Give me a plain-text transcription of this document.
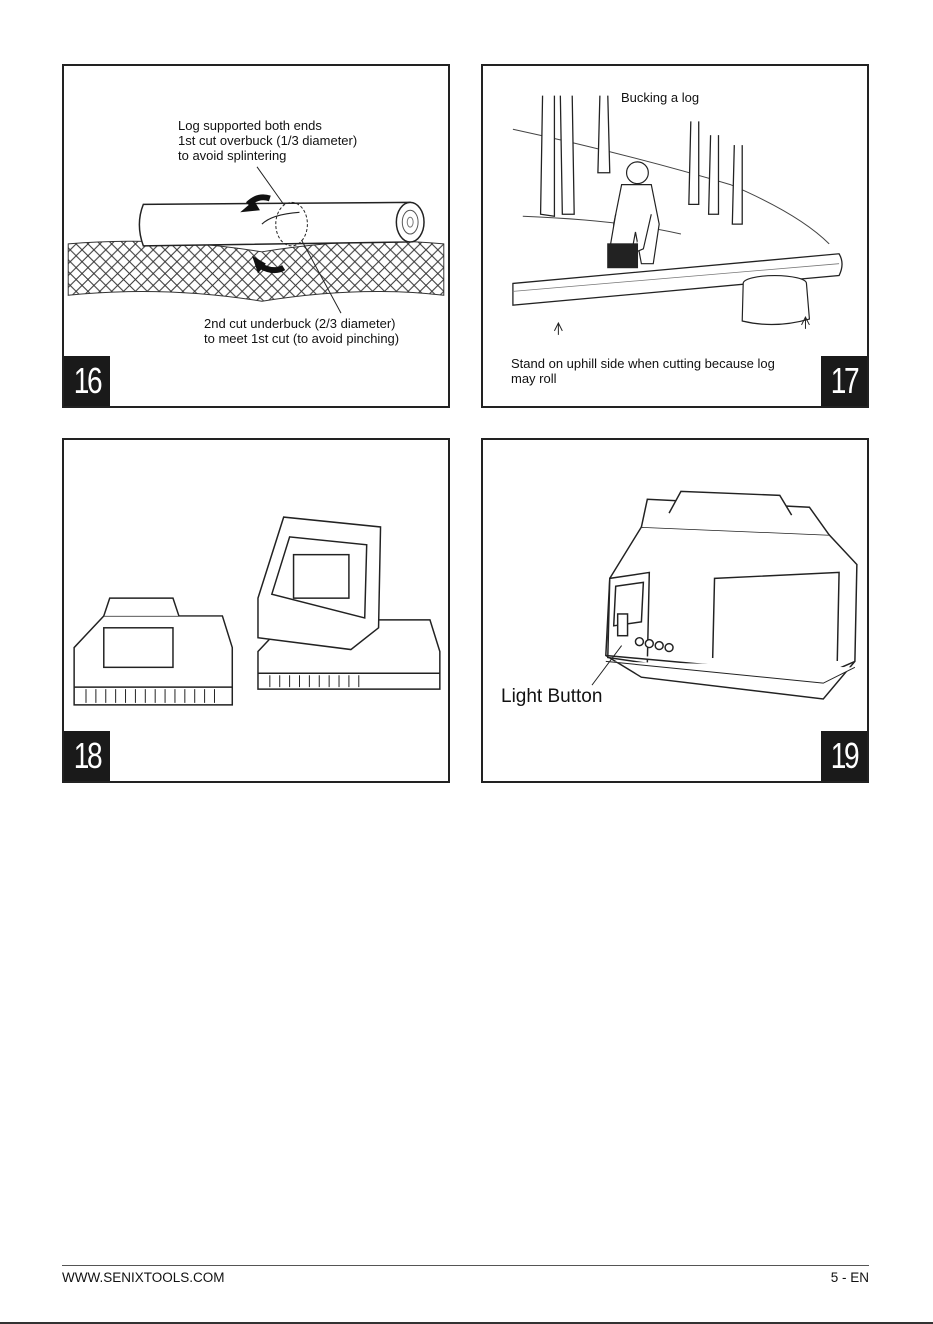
Log supported both ends
1st cut overbuck (1/3 diameter)
to avoid splintering
2nd cut underbuck (2/3 diameter)
to meet 1st cut (to avoid pinching)
16
Bucking a log
Stand on uphill side when cutting because log
may roll	17
18
Light Button
19
WWW.SENIXTOOLS.COM	5 - EN
